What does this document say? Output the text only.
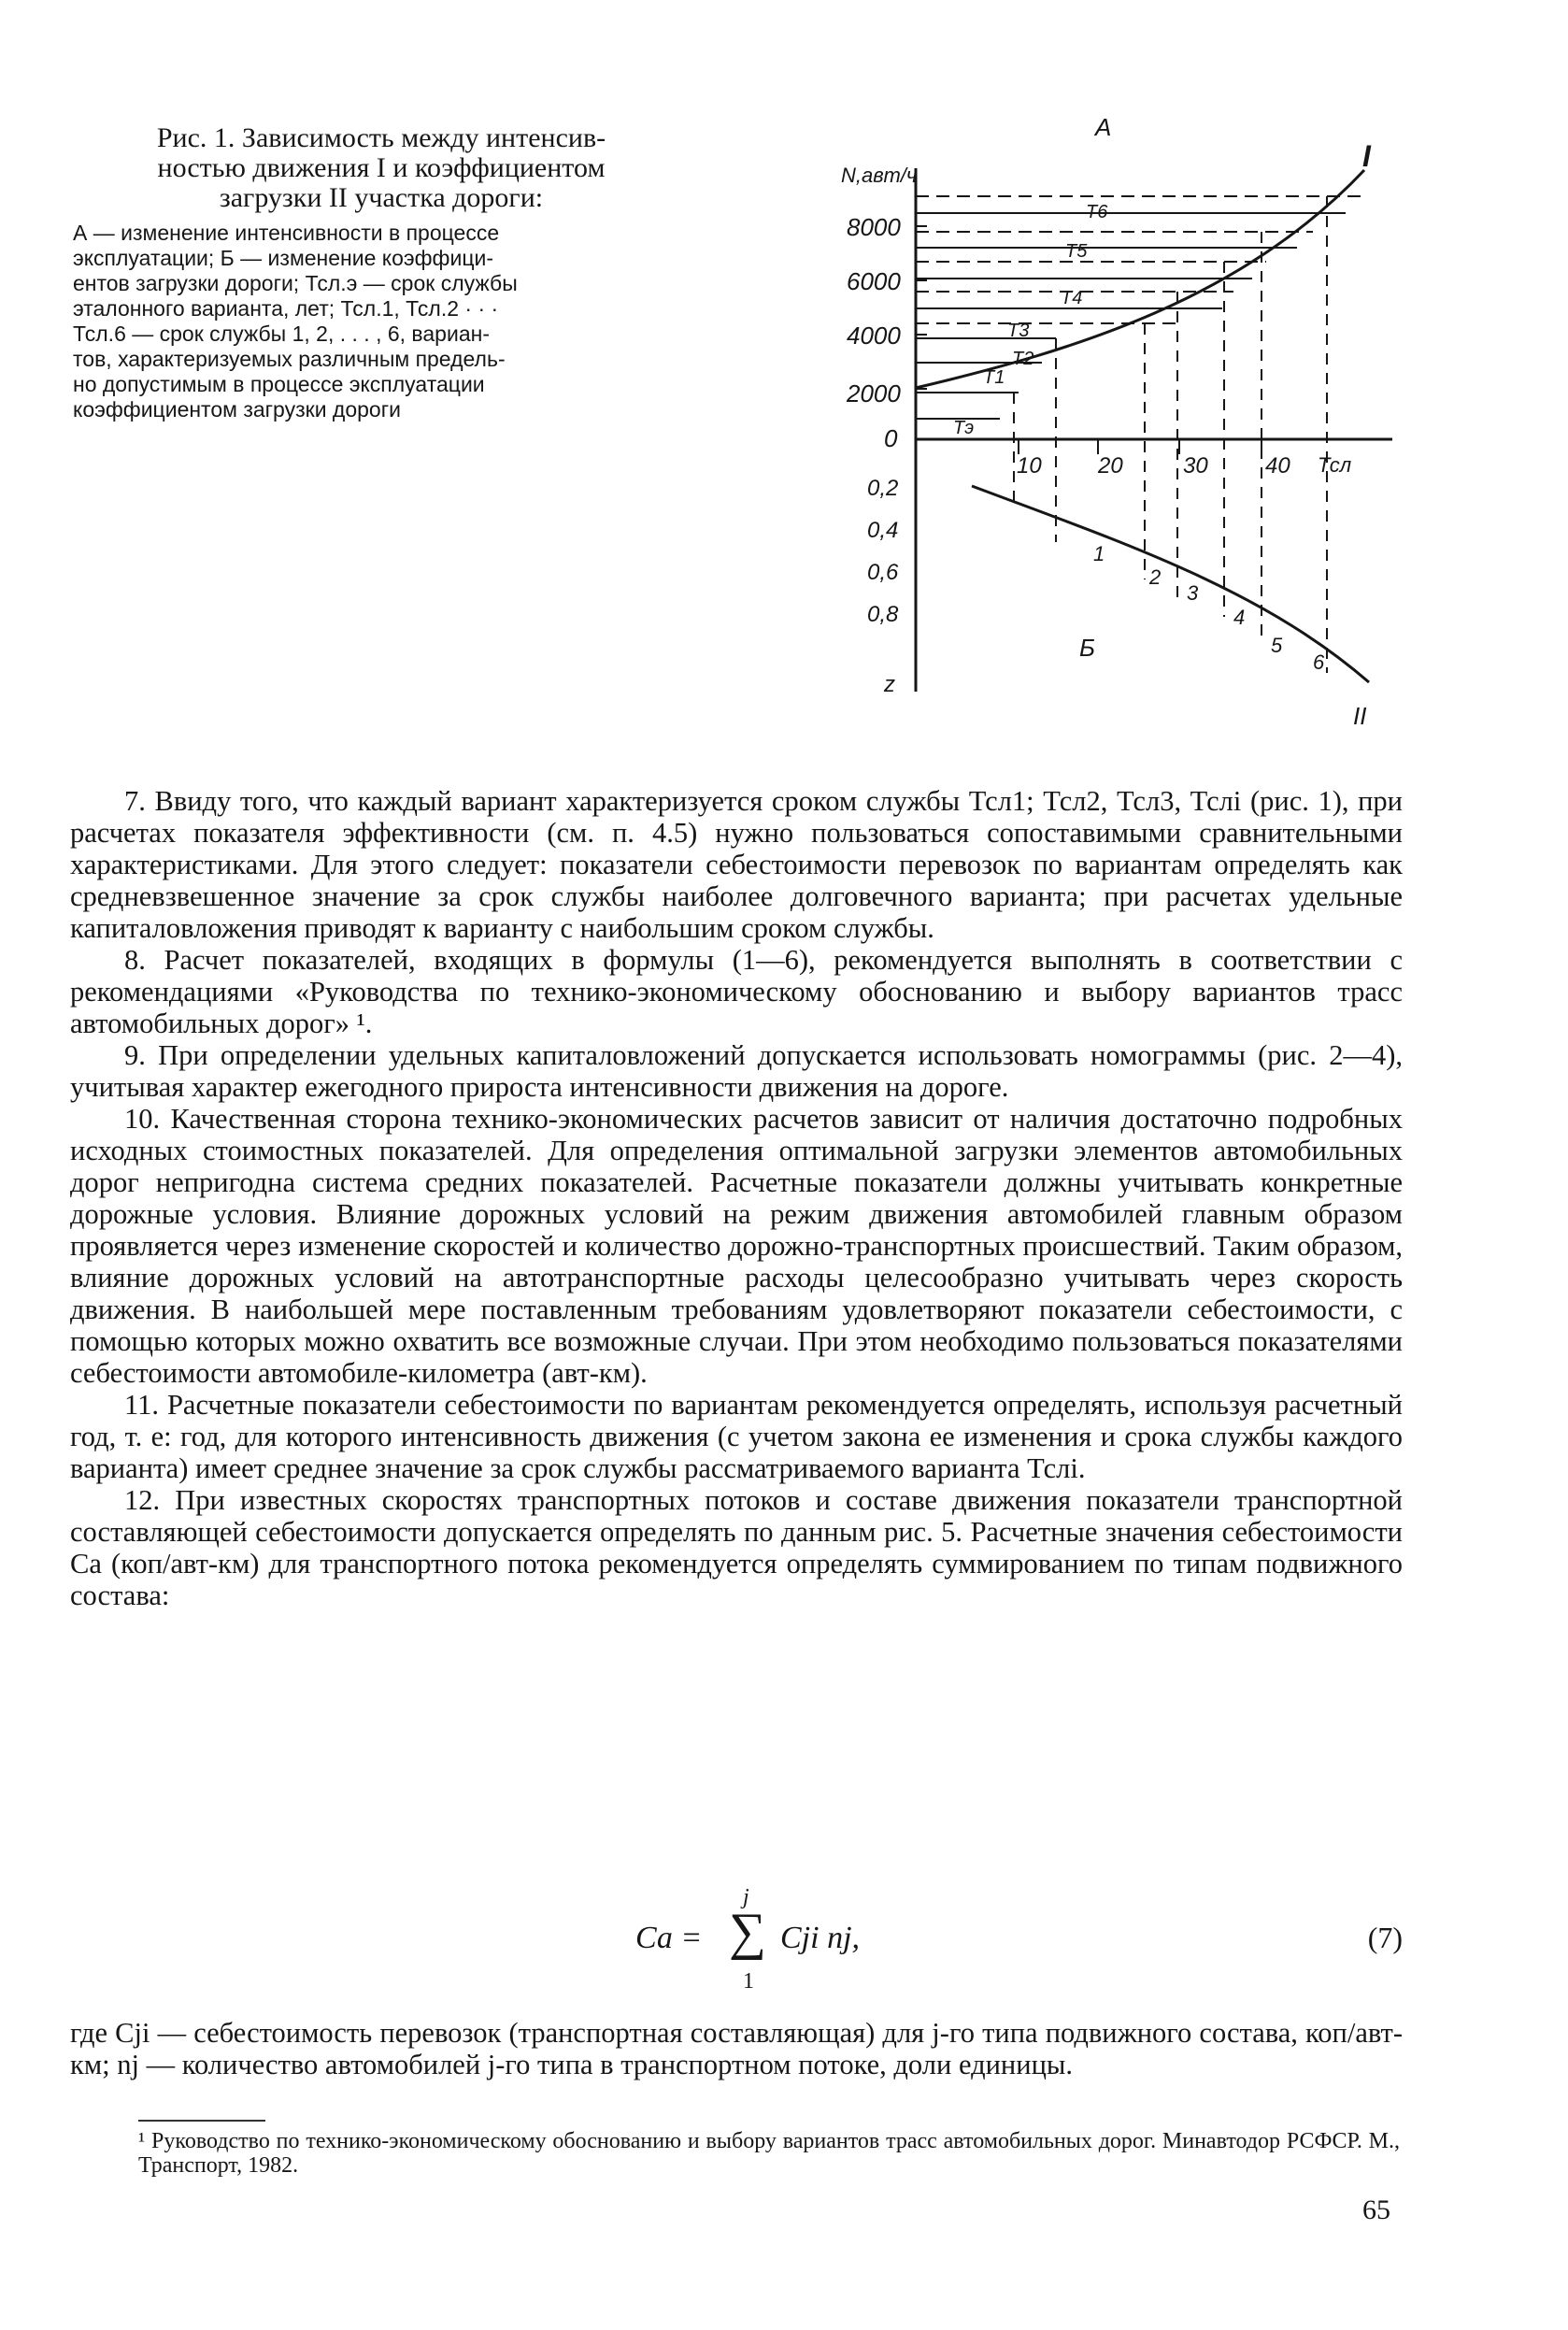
Рис. 1. Зависимость между интенсив-

ностью движения I и коэффициентом

загрузки II участка дороги:

А — изменение интенсивности в процессе

эксплуатации; Б — изменение коэффици-

ентов загрузки дороги; Тсл.э — срок службы

эталонного варианта, лет; Тсл.1, Тсл.2 · · ·

Тсл.6 — срок службы 1, 2, . . . , 6, вариан-

тов, характеризуемых различным предель-

но допустимым в процессе эксплуатации

коэффициентом загрузки дороги

А
Б
N,авт/ч
z
Тсл
I
II
8000
6000
4000
2000
0
0,2
0,4
0,6
0,8
10	20	30	40
Тэ
Т1
Т2
Т3
Т4
Т5
Т6
1
2
3
4
5
6

7. Ввиду того, что каждый вариант характеризуется сроком службы Тсл1; Тсл2, Тсл3, Тслi (рис. 1), при расчетах показателя эффективности (см. п. 4.5) нужно пользоваться сопоставимыми сравнительными характеристиками. Для этого следует: показатели себестоимости перевозок по вариантам определять как средневзвешенное значение за срок службы наиболее долговечного варианта; при расчетах удельные капиталовложения приводят к варианту с наибольшим сроком службы.

8. Расчет показателей, входящих в формулы (1—6), рекомендуется выполнять в соответствии с рекомендациями «Руководства по технико-экономическому обоснованию и выбору вариантов трасс автомобильных дорог» ¹.

9. При определении удельных капиталовложений допускается использовать номограммы (рис. 2—4), учитывая характер ежегодного прироста интенсивности движения на дороге.

10. Качественная сторона технико-экономических расчетов зависит от наличия достаточно подробных исходных стоимостных показателей. Для определения оптимальной загрузки элементов автомобильных дорог непригодна система средних показателей. Расчетные показатели должны учитывать конкретные дорожные условия. Влияние дорожных условий на режим движения автомобилей главным образом проявляется через изменение скоростей и количество дорожно-транспортных происшествий. Таким образом, влияние дорожных условий на автотранспортные расходы целесообразно учитывать через скорость движения. В наибольшей мере поставленным требованиям удовлетворяют показатели себестоимости, с помощью которых можно охватить все возможные случаи. При этом необходимо пользоваться показателями себестоимости автомобиле-километра (авт-км).

11. Расчетные показатели себестоимости по вариантам рекомендуется определять, используя расчетный год, т. е: год, для которого интенсивность движения (с учетом закона ее изменения и срока службы каждого варианта) имеет среднее значение за срок службы рассматриваемого варианта Тслi.

12. При известных скоростях транспортных потоков и составе движения показатели транспортной составляющей себестоимости допускается определять по данным рис. 5. Расчетные значения себестоимости Са (коп/авт-км) для транспортного потока рекомендуется определять суммированием по типам подвижного состава:

Са =
j
∑
1
Cji nj,	(7)

где Cji — себестоимость перевозок (транспортная составляющая) для j-го типа подвижного состава, коп/авт-км; nj — количество автомобилей j-го типа в транспортном потоке, доли единицы.

¹ Руководство по технико-экономическому обоснованию и выбору вариантов трасс автомобильных дорог. Минавтодор РСФСР. М., Транспорт, 1982.

65
